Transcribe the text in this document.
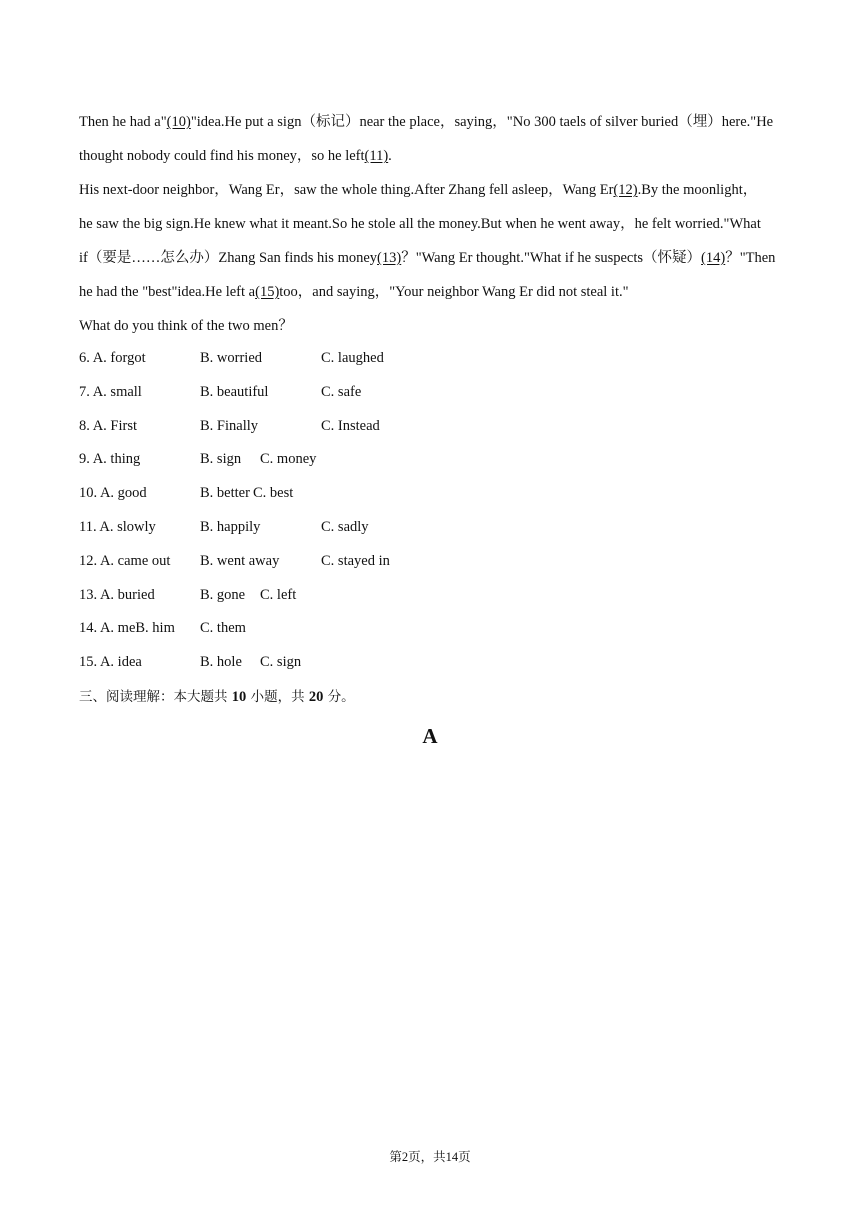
Then he had a"(10)"idea.He put a sign（标记）near the place，saying，"No 300 taels of silver buried（埋）here."He
thought nobody could find his money，so he left(11).
His next-door neighbor，Wang Er，saw the whole thing.After Zhang fell asleep，Wang Er(12).By the moonlight，
he saw the big sign.He knew what it meant.So he stole all the money.But when he went away，he felt worried."What
if（要是……怎么办）Zhang San finds his money(13)？"Wang Er thought."What if he suspects（怀疑）(14)？"Then
he had the "best"idea.He left a(15)too，and saying，"Your neighbor Wang Er did not steal it."
What do you think of the two men？
6. A. forgot	B. worried	C. laughed
7. A. small	B. beautiful	C. safe
8. A. First	B. Finally	C. Instead
9. A. thing	B. sign C. money
10. A. good	B. better C. best
11. A. slowly	B. happily	C. sadly
12. A. came out B. went away	C. stayed in
13. A. buried	B. gone C. left
14. A. meB. him C. them
15. A. idea	B. hole C. sign
三、阅读理解：本大题共 10 小题，共 20 分。
A
第2页，共14页
